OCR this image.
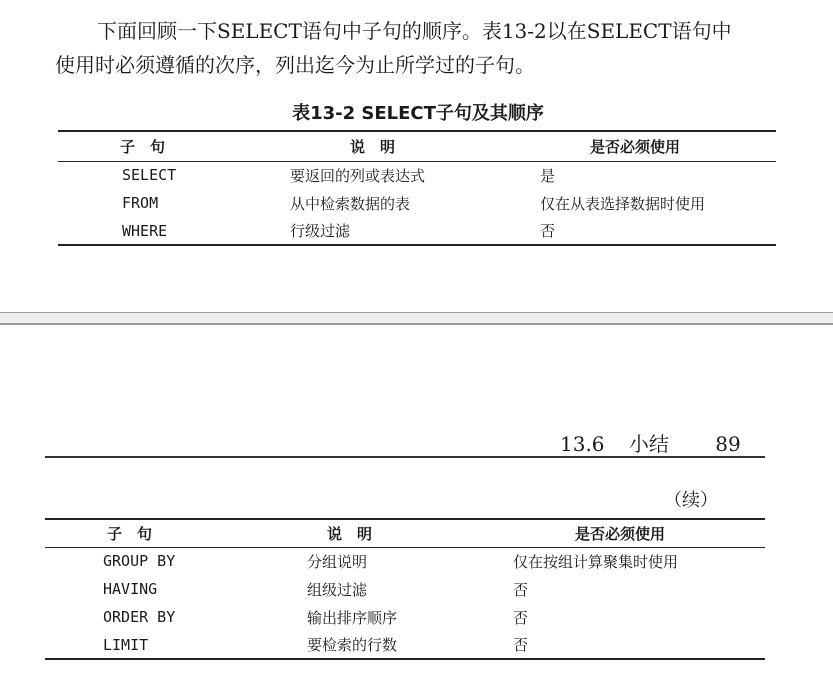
下面回顾一下SELECT语句中子句的顺序。表13-2以在SELECT语句中
使用时必须遵循的次序，列出迄今为止所学过的子句。

表13-2 SELECT子句及其顺序
子　句	说　明	是否必须使用
SELECT	要返回的列或表达式	是
FROM	从中检索数据的表	仅在从表选择数据时使用
WHERE	行级过滤	否
13.6 小结 89
（续）
子　句	说　明	是否必须使用
GROUP BY	分组说明	仅在按组计算聚集时使用
HAVING	组级过滤	否
ORDER BY	输出排序顺序	否
LIMIT	要检索的行数	否
